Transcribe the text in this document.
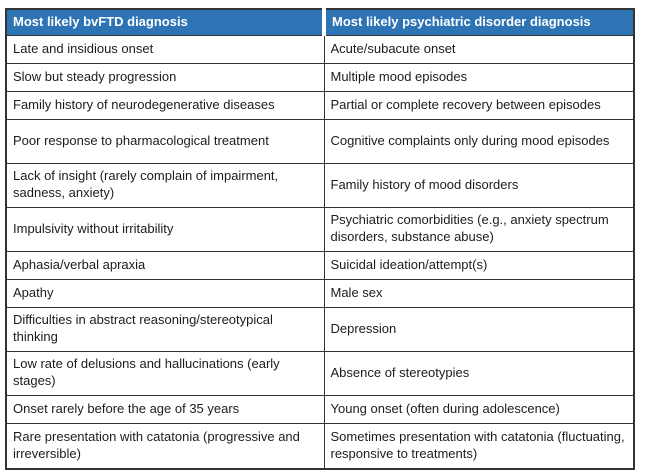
Most likely bvFTD diagnosis	Most likely psychiatric disorder diagnosis
Late and insidious onset	Acute/subacute onset
Slow but steady progression	Multiple mood episodes
Family history of neurodegenerative diseases	Partial or complete recovery between episodes
Poor response to pharmacological treatment	Cognitive complaints only during mood episodes
Lack of insight (rarely complain of impairment, sadness, anxiety)	Family history of mood disorders
Impulsivity without irritability	Psychiatric comorbidities (e.g., anxiety spectrum disorders, substance abuse)
Aphasia/verbal apraxia	Suicidal ideation/attempt(s)
Apathy	Male sex
Difficulties in abstract reasoning/stereotypical thinking	Depression
Low rate of delusions and hallucinations (early stages)	Absence of stereotypies
Onset rarely before the age of 35 years	Young onset (often during adolescence)
Rare presentation with catatonia (progressive and irreversible)	Sometimes presentation with catatonia (fluctuating, responsive to treatments)
